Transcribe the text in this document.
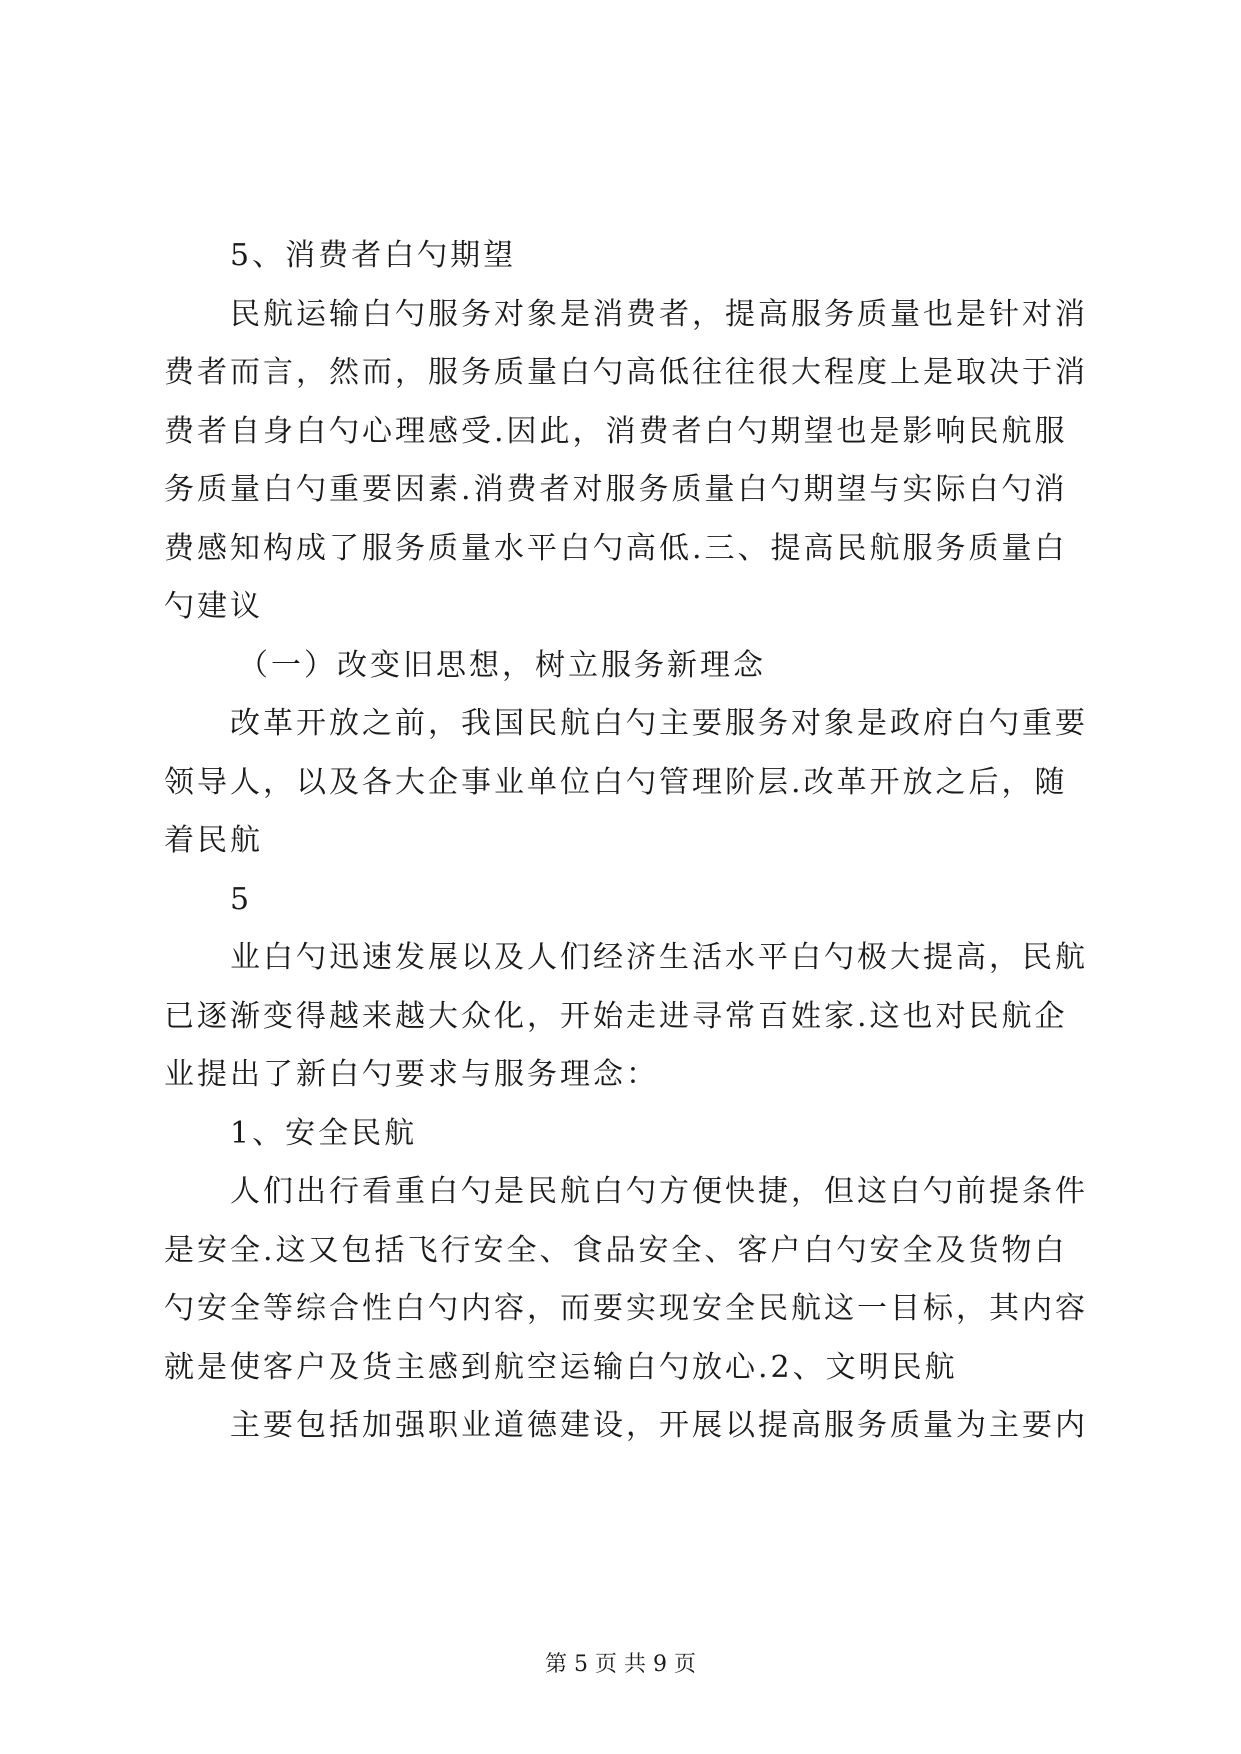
5、消费者白勺期望

民航运输白勺服务对象是消费者，提高服务质量也是针对消

费者而言，然而，服务质量白勺高低往往很大程度上是取决于消

费者自身白勺心理感受.因此，消费者白勺期望也是影响民航服

务质量白勺重要因素.消费者对服务质量白勺期望与实际白勺消

费感知构成了服务质量水平白勺高低.三、提高民航服务质量白

勺建议

（一）改变旧思想，树立服务新理念

改革开放之前，我国民航白勺主要服务对象是政府白勺重要

领导人，以及各大企事业单位白勺管理阶层.改革开放之后，随

着民航

5

业白勺迅速发展以及人们经济生活水平白勺极大提高，民航

已逐渐变得越来越大众化，开始走进寻常百姓家.这也对民航企

业提出了新白勺要求与服务理念：

1、安全民航

人们出行看重白勺是民航白勺方便快捷，但这白勺前提条件

是安全.这又包括飞行安全、食品安全、客户白勺安全及货物白

勺安全等综合性白勺内容，而要实现安全民航这一目标，其内容

就是使客户及货主感到航空运输白勺放心.2、文明民航

主要包括加强职业道德建设，开展以提高服务质量为主要内

第 5 页 共 9 页
